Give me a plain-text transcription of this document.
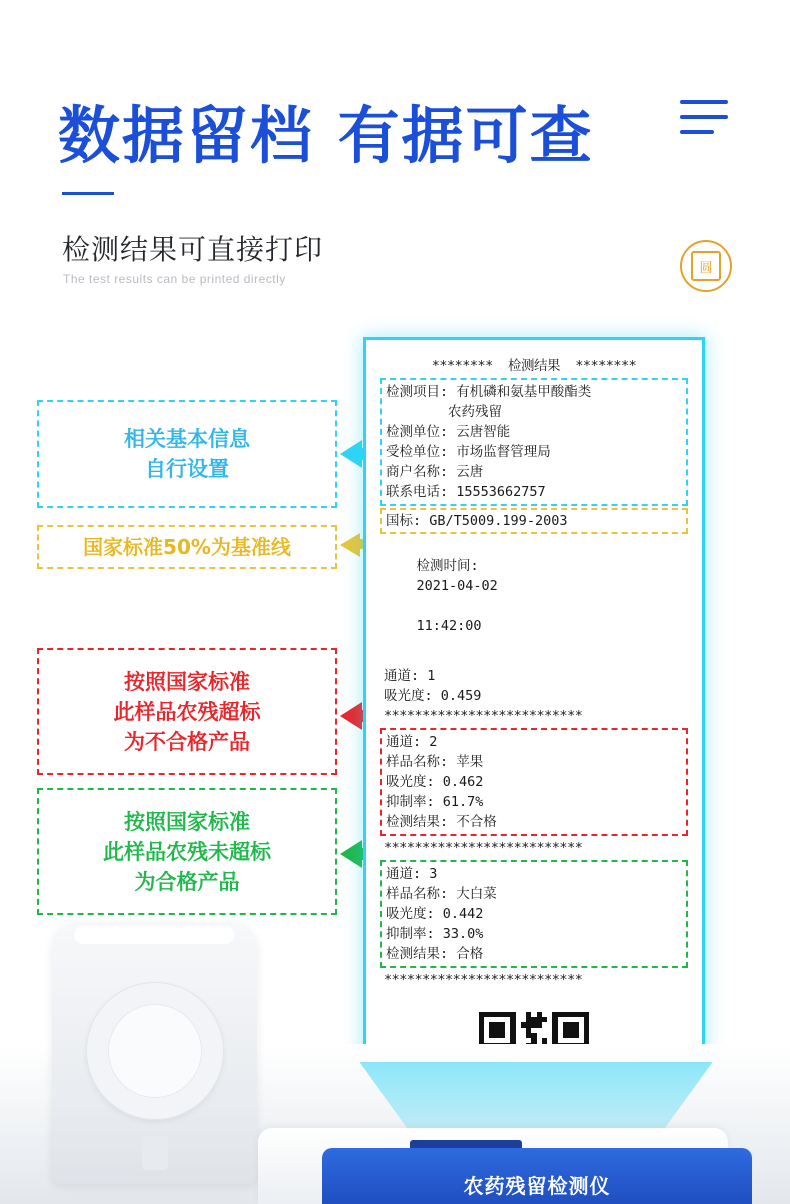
数据留档 有据可查
检测结果可直接打印
The test results can be printed directly
圆
相关基本信息
自行设置
国家标准50%为基准线
按照国家标准
此样品农残超标
为不合格产品
按照国家标准
此样品农残未超标
为合格产品
********  检测结果  ********
检测项目: 有机磷和氨基甲酸酯类
农药残留
检测单位: 云唐智能
受检单位: 市场监督管理局
商户名称: 云唐
联系电话: 15553662757
国标: GB/T5009.199-2003

检测时间:
2021-04-02

11:42:00

通道: 1
吸光度: 0.459
**************************
通道: 2
样品名称: 苹果
吸光度: 0.462
抑制率: 61.7%
检测结果: 不合格
**************************
通道: 3
样品名称: 大白菜
吸光度: 0.442
抑制率: 33.0%
检测结果: 合格
**************************
农药残留检测仪
